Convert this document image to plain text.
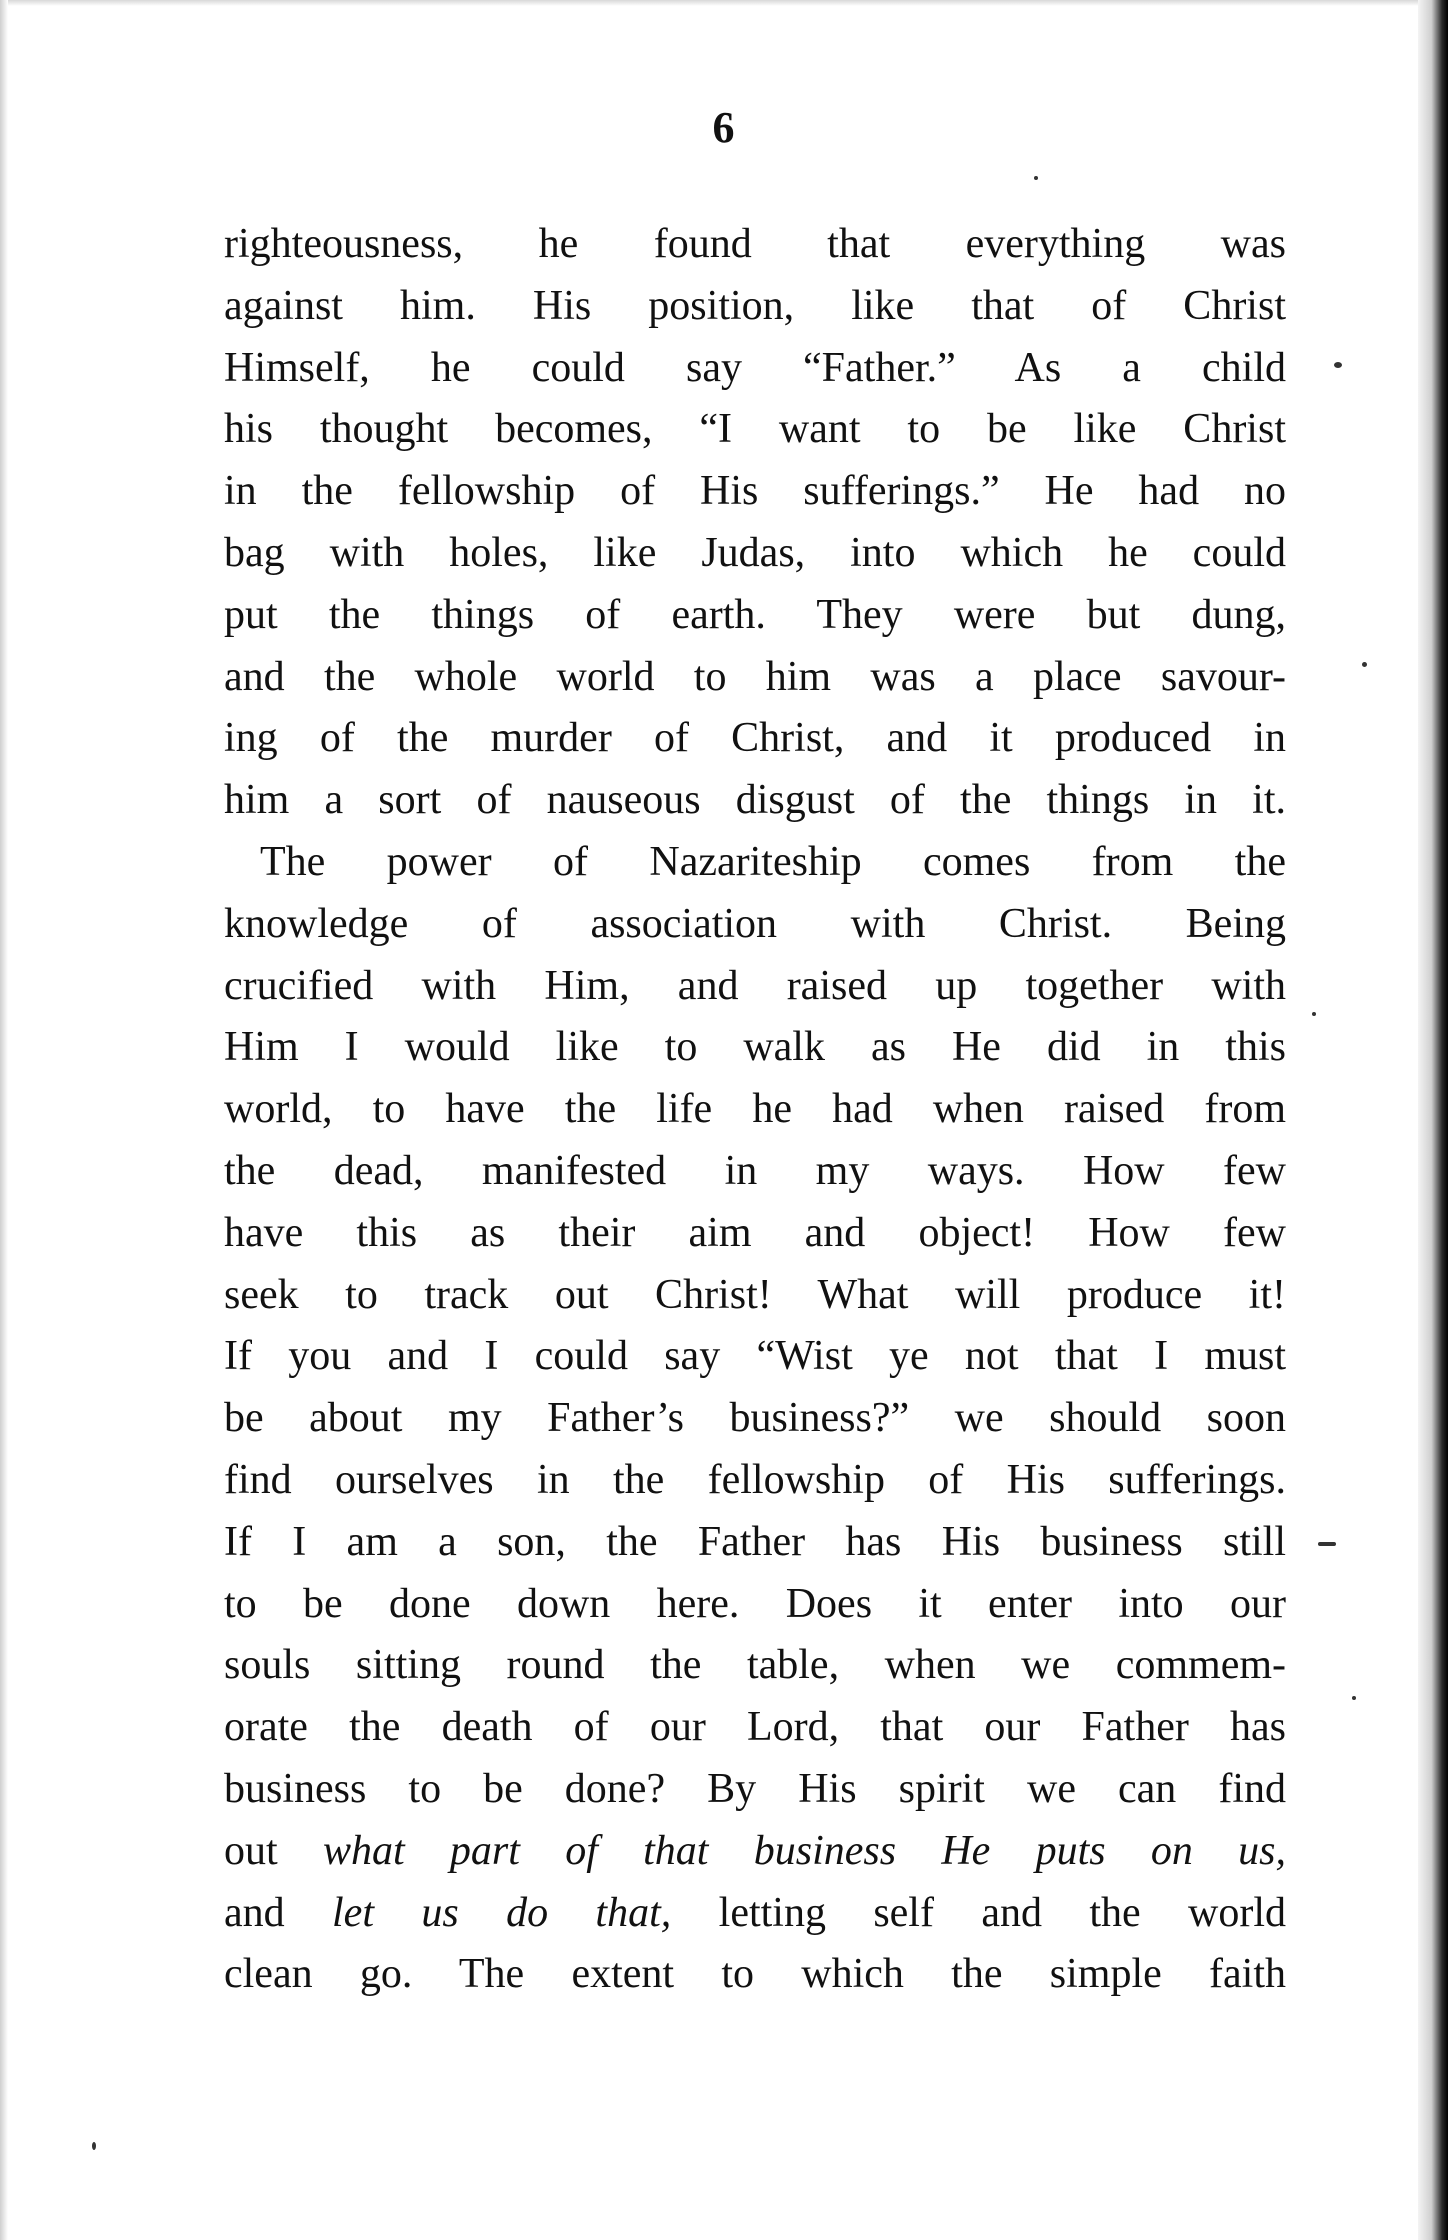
6
righteousness, he found that everything was
against him. His position, like that of Christ
Himself, he could say “Father.” As a child
his thought becomes, “I want to be like Christ
in the fellowship of His sufferings.” He had no
bag with holes, like Judas, into which he could
put the things of earth. They were but dung,
and the whole world to him was a place savour-
ing of the murder of Christ, and it produced in
him a sort of nauseous disgust of the things in it.
The power of Nazariteship comes from the
knowledge of association with Christ. Being
crucified with Him, and raised up together with
Him I would like to walk as He did in this
world, to have the life he had when raised from
the dead, manifested in my ways. How few
have this as their aim and object! How few
seek to track out Christ! What will produce it!
If you and I could say “Wist ye not that I must
be about my Father’s business?” we should soon
find ourselves in the fellowship of His sufferings.
If I am a son, the Father has His business still
to be done down here. Does it enter into our
souls sitting round the table, when we commem-
orate the death of our Lord, that our Father has
business to be done? By His spirit we can find
out what part of that business He puts on us,
and let us do that, letting self and the world
clean go. The extent to which the simple faith
